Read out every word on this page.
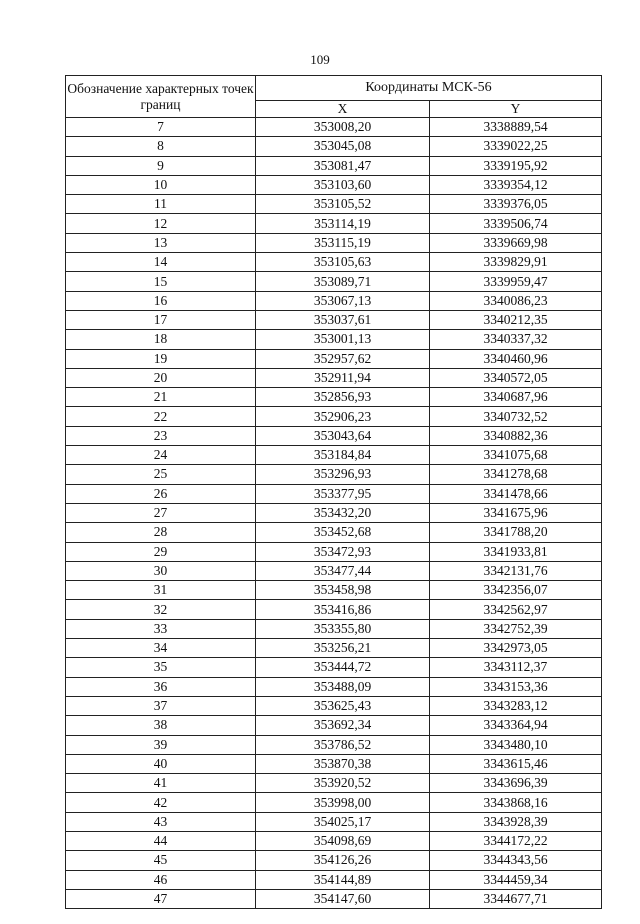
109
Обозначение характерных точек границ	Координаты МСК-56	
	X	Y
7	353008,20	3338889,54
8	353045,08	3339022,25
9	353081,47	3339195,92
10	353103,60	3339354,12
11	353105,52	3339376,05
12	353114,19	3339506,74
13	353115,19	3339669,98
14	353105,63	3339829,91
15	353089,71	3339959,47
16	353067,13	3340086,23
17	353037,61	3340212,35
18	353001,13	3340337,32
19	352957,62	3340460,96
20	352911,94	3340572,05
21	352856,93	3340687,96
22	352906,23	3340732,52
23	353043,64	3340882,36
24	353184,84	3341075,68
25	353296,93	3341278,68
26	353377,95	3341478,66
27	353432,20	3341675,96
28	353452,68	3341788,20
29	353472,93	3341933,81
30	353477,44	3342131,76
31	353458,98	3342356,07
32	353416,86	3342562,97
33	353355,80	3342752,39
34	353256,21	3342973,05
35	353444,72	3343112,37
36	353488,09	3343153,36
37	353625,43	3343283,12
38	353692,34	3343364,94
39	353786,52	3343480,10
40	353870,38	3343615,46
41	353920,52	3343696,39
42	353998,00	3343868,16
43	354025,17	3343928,39
44	354098,69	3344172,22
45	354126,26	3344343,56
46	354144,89	3344459,34
47	354147,60	3344677,71
